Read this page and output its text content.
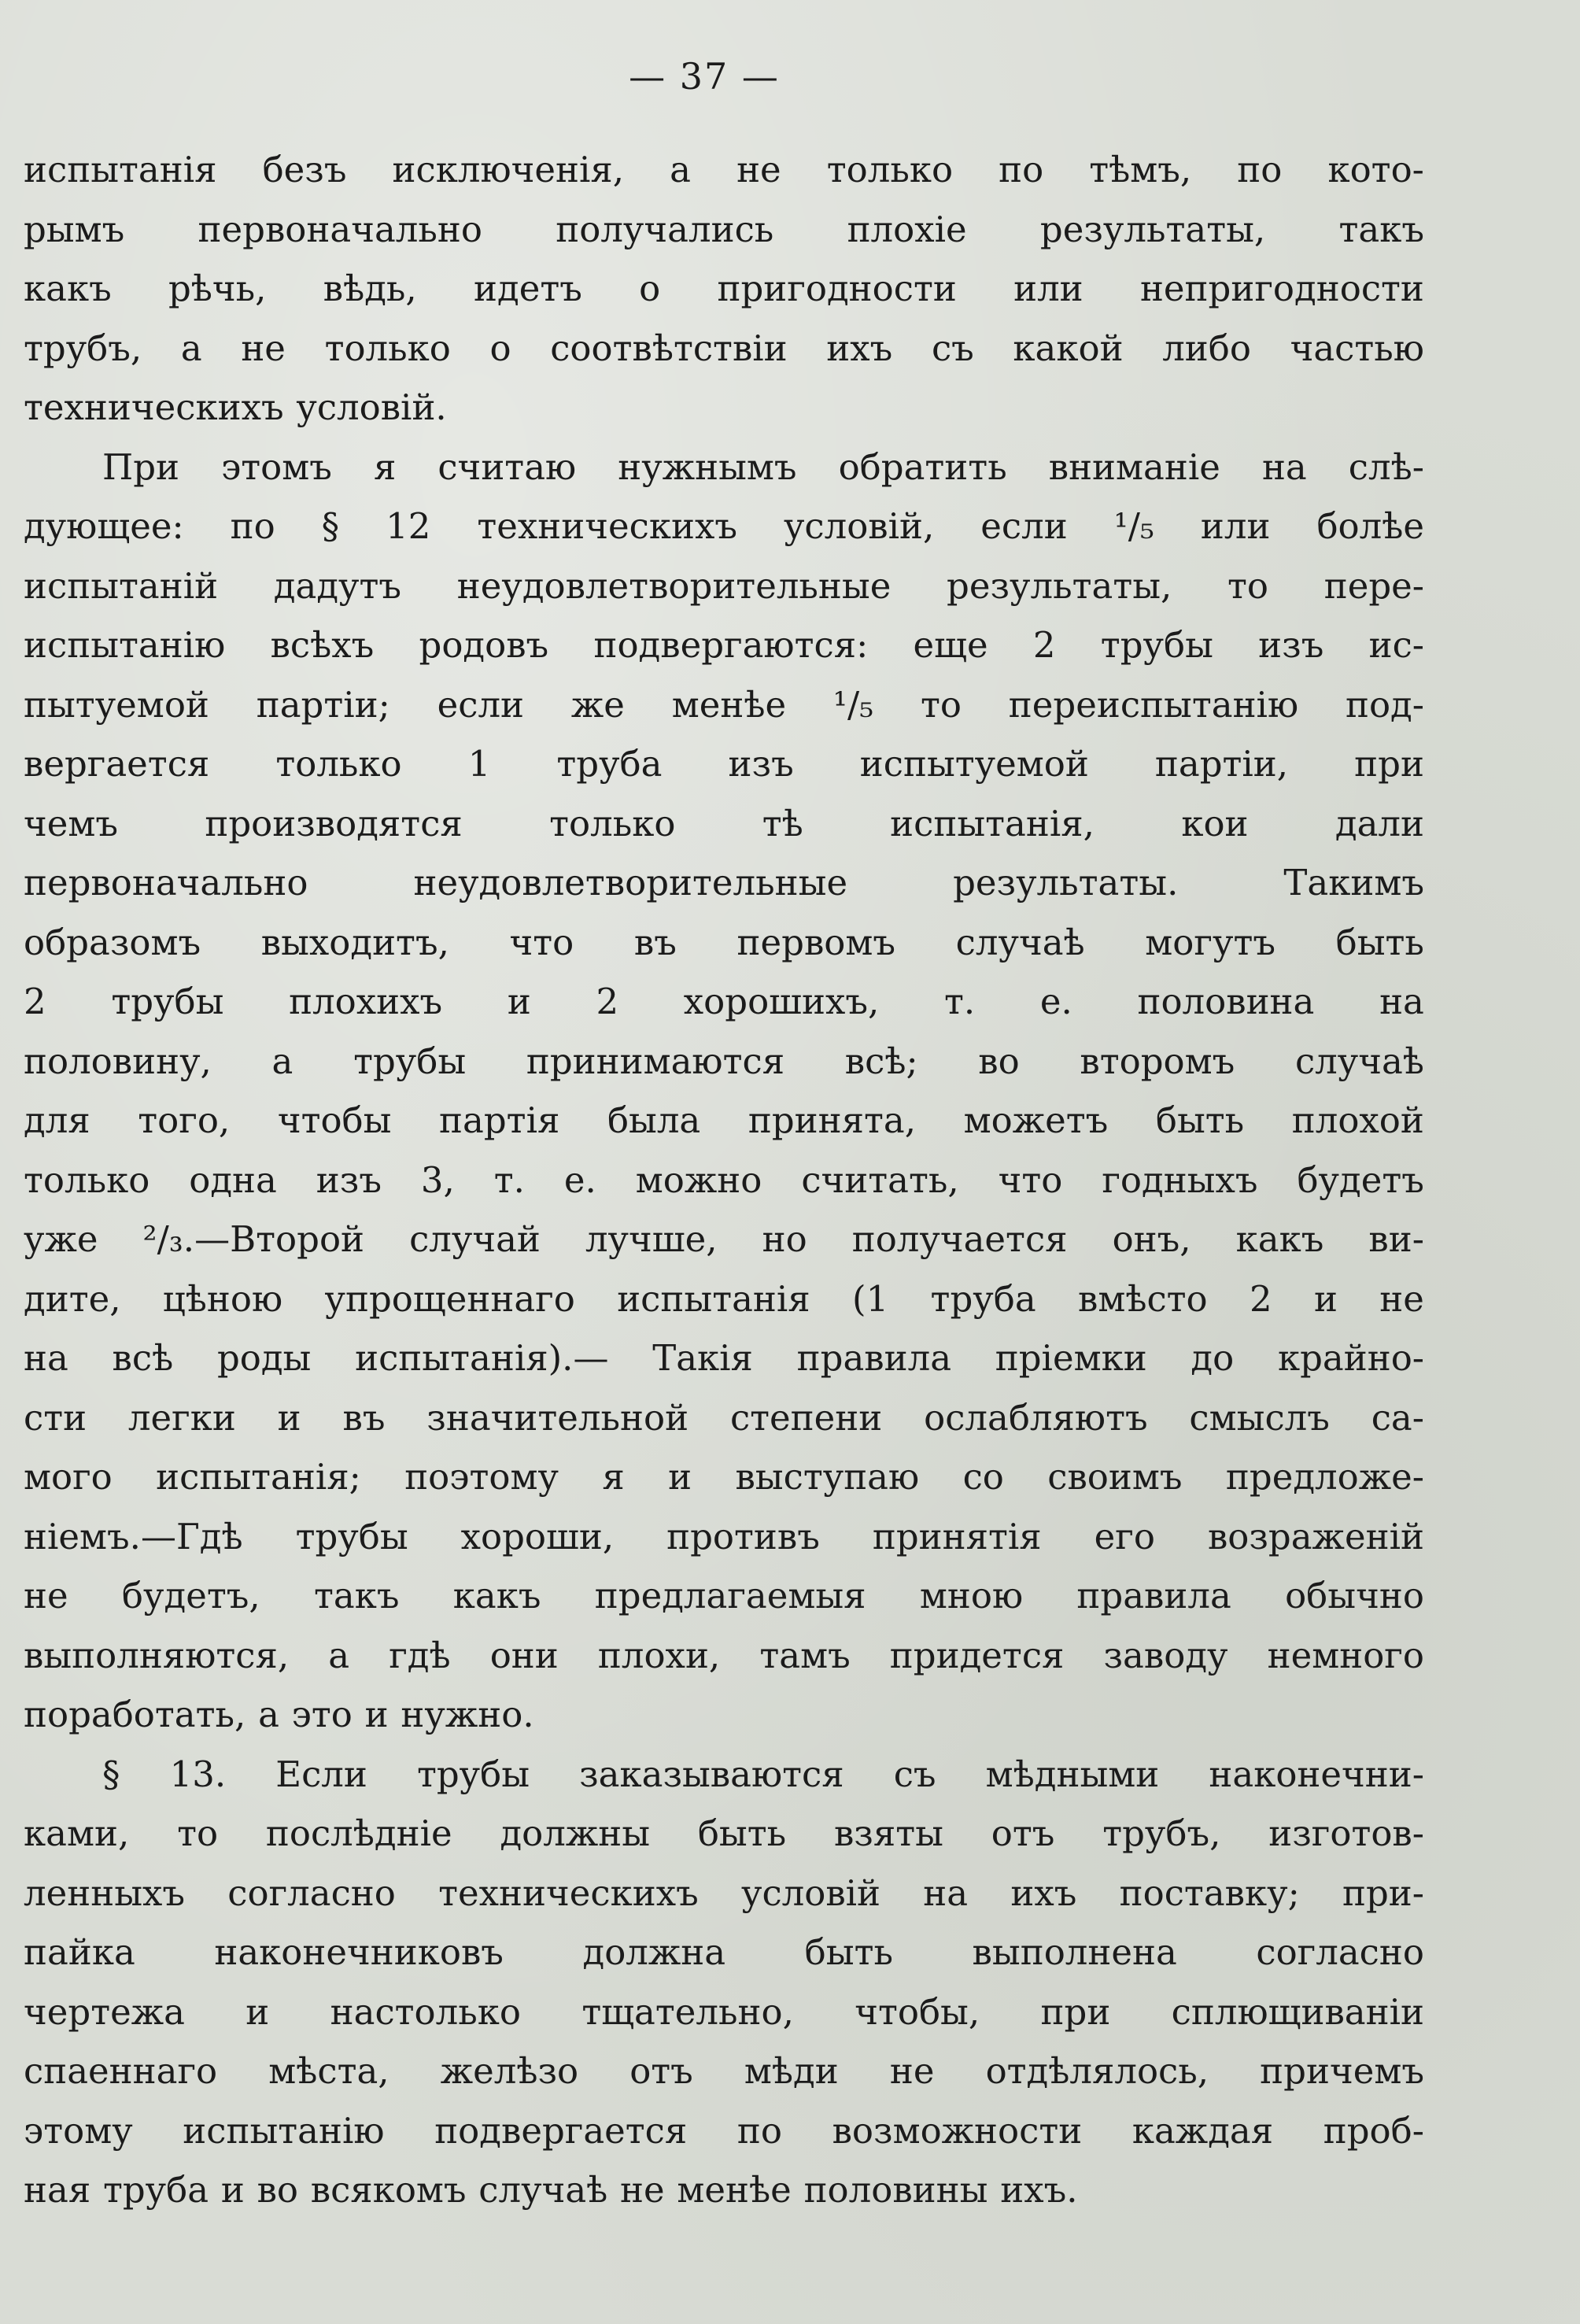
— 37 —
испытанія безъ исключенія, а не только по тѣмъ, по кото-
рымъ первоначально получались плохіе результаты, такъ
какъ рѣчь, вѣдь, идетъ о пригодности или непригодности
трубъ, а не только о соотвѣтствіи ихъ съ какой либо частью
техническихъ условій.
При этомъ я считаю нужнымъ обратить вниманіе на слѣ-
дующее: по § 12 техническихъ условій, если ¹/₅ или болѣе
испытаній дадутъ неудовлетворительные результаты, то пере-
испытанію всѣхъ родовъ подвергаются: еще 2 трубы изъ ис-
пытуемой партіи; если же менѣе ¹/₅ то переиспытанію под-
вергается только 1 труба изъ испытуемой партіи, при
чемъ производятся только тѣ испытанія, кои дали
первоначально	неудовлетворительные	результаты.	Такимъ
образомъ выходитъ, что въ первомъ случаѣ могутъ быть
2 трубы плохихъ и 2 хорошихъ, т. е. половина на
половину, а трубы принимаются всѣ; во второмъ случаѣ
для того, чтобы партія была принята, можетъ быть плохой
только одна изъ 3, т. е. можно считать, что годныхъ будетъ
уже ²/₃.—Второй случай лучше, но получается онъ, какъ ви-
дите, цѣною упрощеннаго испытанія (1 труба вмѣсто 2 и не
на всѣ роды испытанія).— Такія правила пріемки до крайно-
сти легки и въ значительной степени ослабляютъ смыслъ са-
мого испытанія; поэтому я и выступаю со своимъ предложе-
ніемъ.—Гдѣ трубы хороши, противъ принятія его возраженій
не будетъ, такъ какъ предлагаемыя мною правила обычно
выполняются, а гдѣ они плохи, тамъ придется заводу немного
поработать, а это и нужно.
§ 13. Если трубы заказываются съ мѣдными наконечни-
ками, то послѣдніе должны быть взяты отъ трубъ, изготов-
ленныхъ согласно техническихъ условій на ихъ поставку; при-
пайка наконечниковъ должна быть выполнена согласно
чертежа и настолько тщательно, чтобы, при сплющиваніи
спаеннаго мѣста, желѣзо отъ мѣди не отдѣлялось, причемъ
этому испытанію подвергается по возможности каждая проб-
ная труба и во всякомъ случаѣ не менѣе половины ихъ.
